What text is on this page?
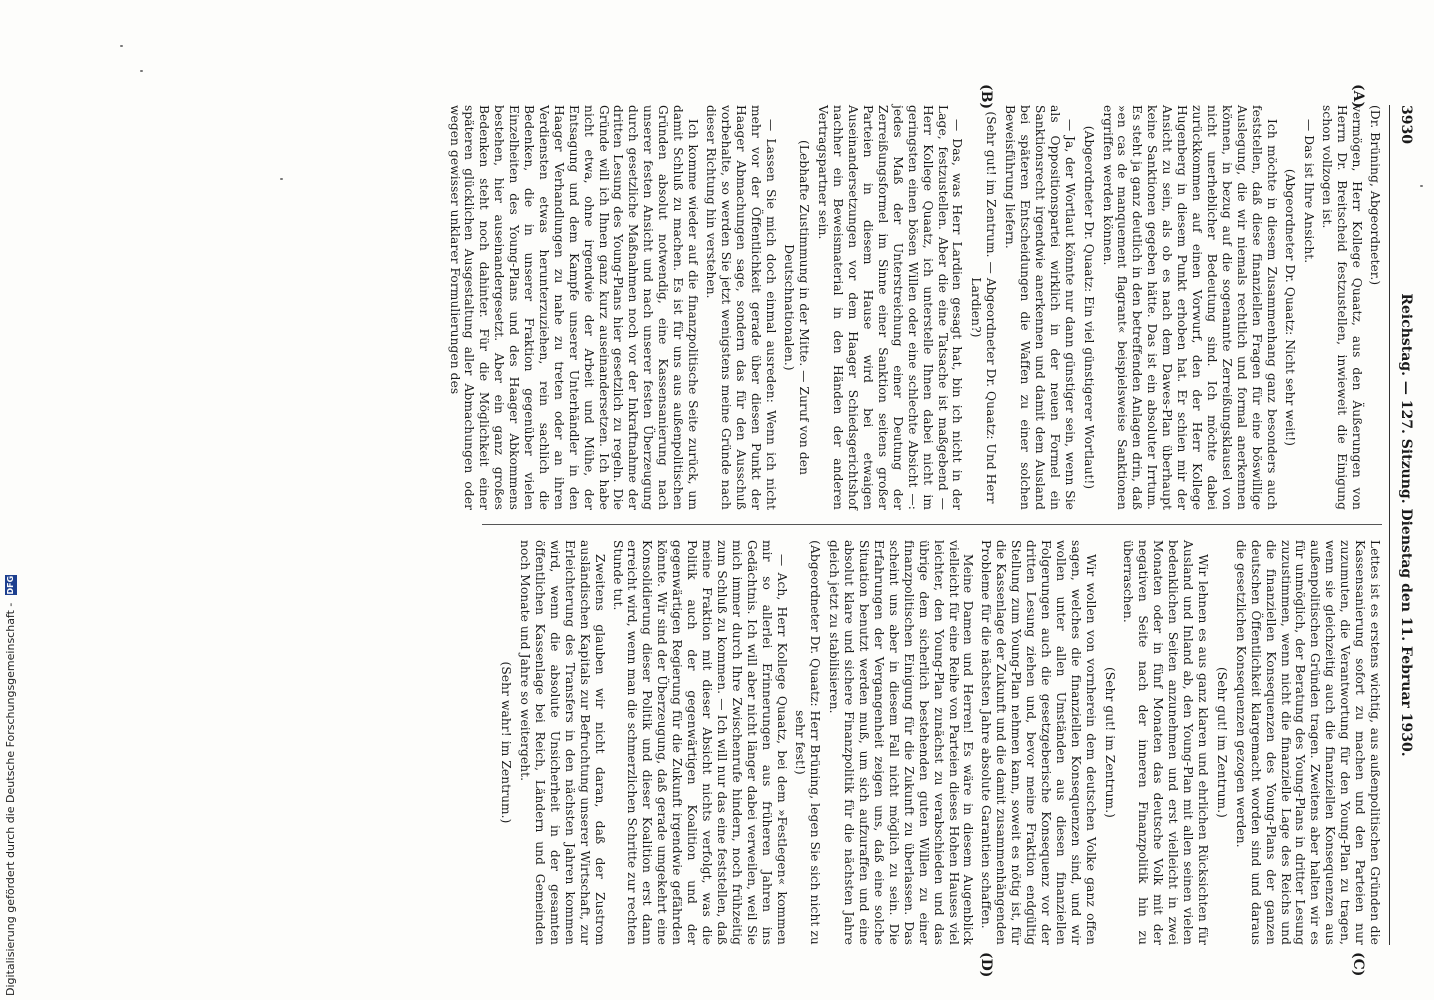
3930
Reichstag. — 127. Sitzung. Dienstag den 11. Februar 1930.
(A)
(B)
(C)
(D)

(Dr. Brüning, Abgeordneter.)

vermögen, Herr Kollege Quaatz, aus den Äußerungen von Herrn Dr. Breitscheid festzustellen, inwieweit die Einigung schon vollzogen ist.

— Das ist Ihre Ansicht.

(Abgeordneter Dr. Quaatz: Nicht sehr weit!)

Ich möchte in diesem Zusammenhang ganz besonders auch feststellen, daß diese finanziellen Fragen für eine böswillige Auslegung, die wir niemals rechtlich und formal anerkennen können, in bezug auf die sogenannte Zerreißungsklausel von nicht unerheblicher Bedeutung sind. Ich möchte dabei zurückkommen auf einen Vorwurf, den der Herr Kollege Hugenberg in diesem Punkt erhoben hat. Er schien mir der Ansicht zu sein, als ob es nach dem Dawes-Plan überhaupt keine Sanktionen gegeben hätte. Das ist ein absoluter Irrtum. Es steht ja ganz deutlich in den betreffenden Anlagen drin, daß »en cas de manquement flagrant« beispielsweise Sanktionen ergriffen werden können.

(Abgeordneter Dr. Quaatz: Ein viel günstigerer Wortlaut!)

— Ja, der Wortlaut könnte nur dann günstiger sein, wenn Sie als Oppositionspartei wirklich in der neuen Formel ein Sanktionsrecht irgendwie anerkennen und damit dem Ausland bei späteren Entscheidungen die Waffen zu einer solchen Beweisführung liefern.

(Sehr gut! im Zentrum. — Abgeordneter Dr. Quaatz: Und Herr Lardien?)

— Das, was Herr Lardien gesagt hat, bin ich nicht in der Lage, festzustellen. Aber die eine Tatsache ist maßgebend — Herr Kollege Quaatz, ich unterstelle Ihnen dabei nicht im geringsten einen bösen Willen oder eine schlechte Absicht —: jedes Maß der Unterstreichung einer Deutung der Zerreißungsformel im Sinne einer Sanktion seitens großer Parteien in diesem Hause wird bei etwaigen Auseinandersetzungen vor dem Haager Schiedsgerichtshof nachher ein Beweismaterial in den Händen der anderen Vertragspartner sein.

(Lebhafte Zustimmung in der Mitte. — Zuruf von den Deutschnationalen.)

— Lassen Sie mich doch einmal ausreden: Wenn ich nicht mehr vor der Öffentlichkeit gerade über diesen Punkt der Haager Abmachungen sage, sondern das für den Ausschuß vorbehalte, so werden Sie jetzt wenigstens meine Gründe nach dieser Richtung hin verstehen.

Ich komme wieder auf die finanzpolitische Seite zurück, um damit Schluß zu machen. Es ist für uns aus außenpolitischen Gründen absolut notwendig, eine Kassensanierung nach unserer festen Ansicht und nach unserer festen Überzeugung durch gesetzliche Maßnahmen noch vor der Inkraftnahme der dritten Lesung des Young-Plans hier gesetzlich zu regeln. Die Gründe will ich Ihnen ganz kurz auseinandersetzen. Ich habe nicht etwa, ohne irgendwie der Arbeit und Mühe, der Entsagung und dem Kampfe unserer Unterhändler in den Haager Verhandlungen zu nahe zu treten oder an ihren Verdiensten etwas herunterzuziehen, rein sachlich die Bedenken, die in unserer Fraktion gegenüber vielen Einzelheiten des Young-Plans und des Haager Abkommens bestehen, hier auseinandergesetzt. Aber ein ganz großes Bedenken steht noch dahinter. Für die Möglichkeit einer späteren glücklichen Ausgestaltung aller Abmachungen oder wegen gewisser unklarer Formulierungen des

Lettes ist es erstens wichtig, aus außenpolitischen Gründen die Kassensanierung sofort zu machen und den Parteien nur zuzumuten, die Verantwortung für den Young-Plan zu tragen, wenn sie gleichzeitig auch die finanziellen Konsequenzen aus außenpolitischen Gründen tragen. Zweitens aber halten wir es für unmöglich, der Beratung des Young-Plans in dritter Lesung zuzustimmen, wenn nicht die finanzielle Lage des Reichs und die finanziellen Konsequenzen des Young-Plans der ganzen deutschen Öffentlichkeit klargemacht worden sind und daraus die gesetzlichen Konsequenzen gezogen werden.

(Sehr gut! im Zentrum.)

Wir lehnen es aus ganz klaren und ehrlichen Rücksichten für Ausland und Inland ab, den Young-Plan mit allen seinen vielen bedenklichen Seiten anzunehmen und erst vielleicht in zwei Monaten oder in fünf Monaten das deutsche Volk mit der negativen Seite nach der inneren Finanzpolitik hin zu überraschen.

(Sehr gut! im Zentrum.)

Wir wollen von vornherein dem deutschen Volke ganz offen sagen, welches die finanziellen Konsequenzen sind, und wir wollen unter allen Umständen aus diesen finanziellen Folgerungen auch die gesetzgeberische Konsequenz vor der dritten Lesung ziehen und, bevor meine Fraktion endgültig Stellung zum Young-Plan nehmen kann, soweit es nötig ist, für die Kassenlage der Zukunft und die damit zusammenhängenden Probleme für die nächsten Jahre absolute Garantien schaffen.

Meine Damen und Herren! Es wäre in diesem Augenblick vielleicht für eine Reihe von Parteien dieses Hohen Hauses viel leichter, den Young-Plan zunächst zu verabschieden und das übrige dem sicherlich bestehenden guten Willen zu einer finanzpolitischen Einigung für die Zukunft zu überlassen. Das scheint uns aber in diesem Fall nicht möglich zu sein. Die Erfahrungen der Vergangenheit zeigen uns, daß eine solche Situation benutzt werden muß, um sich aufzuraffen und eine absolut klare und sichere Finanzpolitik für die nächsten Jahre gleich jetzt zu stabilisieren.

(Abgeordneter Dr. Quaatz: Herr Brüning, legen Sie sich nicht zu sehr fest!)

— Ach, Herr Kollege Quaatz, bei dem »Festlegen« kommen mir so allerlei Erinnerungen aus früheren Jahren ins Gedächtnis. Ich will aber nicht länger dabei verweilen, weil Sie mich immer durch Ihre Zwischenrufe hindern, noch frühzeitig zum Schluß zu kommen. — Ich will nur das eine feststellen, daß meine Fraktion mit dieser Absicht nichts verfolgt, was die Politik auch der gegenwärtigen Koalition und der gegenwärtigen Regierung für die Zukunft irgendwie gefährden könnte. Wir sind der Überzeugung, daß gerade umgekehrt eine Konsolidierung dieser Politik und dieser Koalition erst dann erreicht wird, wenn man die schmerzlichen Schritte zur rechten Stunde tut.

Zweitens glauben wir nicht daran, daß der Zustrom ausländischen Kapitals zur Befruchtung unserer Wirtschaft, zur Erleichterung des Transfers in den nächsten Jahren kommen wird, wenn die absolute Unsicherheit in der gesamten öffentlichen Kassenlage bei Reich, Ländern und Gemeinden noch Monate und Jahre so weitergeht.

(Sehr wahr! im Zentrum.)

Digitalisierung gefördert durch die Deutsche Forschungsgemeinschaft - DFG
